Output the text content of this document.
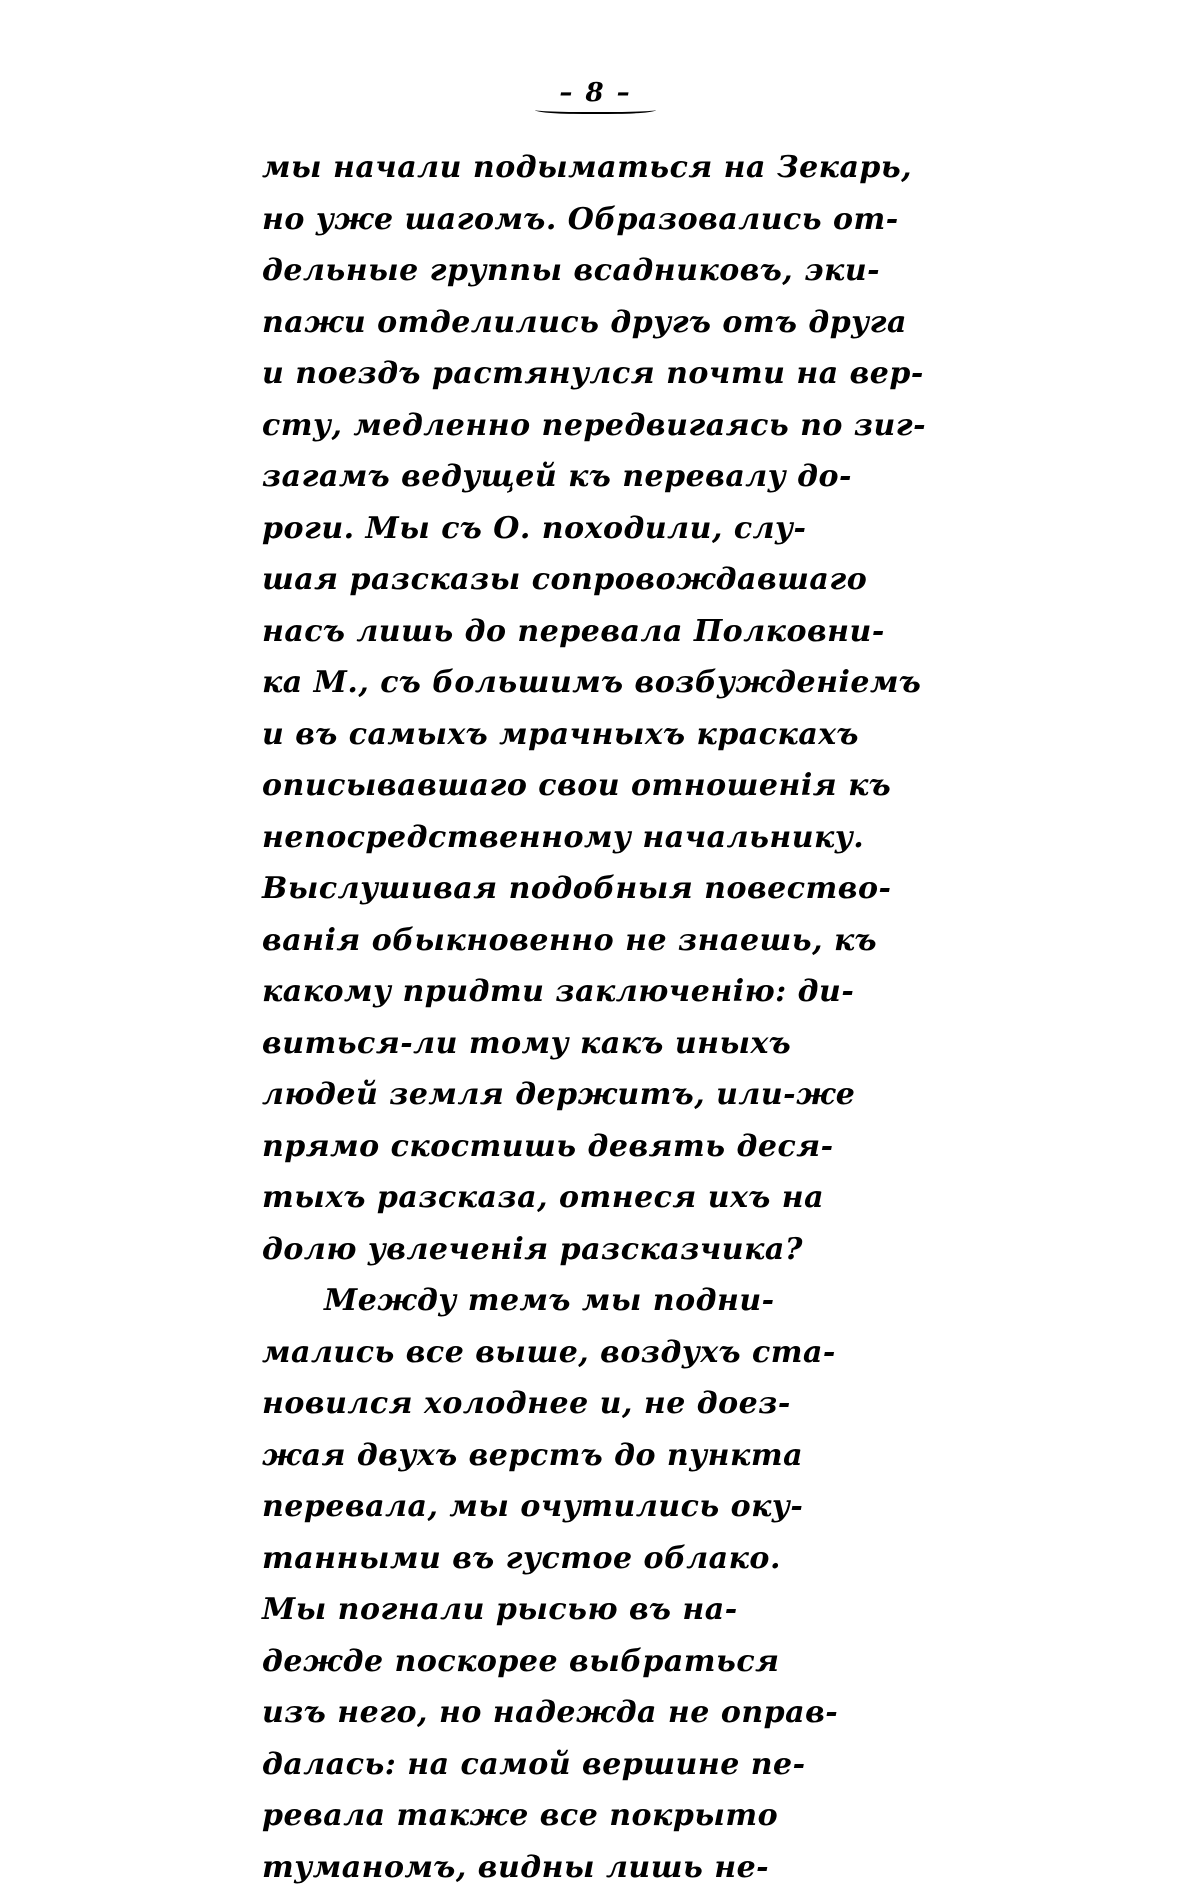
– 8 –
мы начали подыматься на Зекарь,
но уже шагомъ. Образовались от-
дельные группы всадниковъ, эки-
пажи отделились другъ отъ друга
и поездъ растянулся почти на вер-
сту, медленно передвигаясь по зиг-
загамъ ведущей къ перевалу до-
роги. Мы съ О. походили, слу-
шая разсказы сопровождавшаго
насъ лишь до перевала Полковни-
ка М., съ большимъ возбужденiемъ
и въ самыхъ мрачныхъ краскахъ
описывавшаго свои отношенiя къ
непосредственному начальнику.
Выслушивая подобныя повество-
ванiя обыкновенно не знаешь, къ
какому придти заключенiю: ди-
виться-ли тому какъ иныхъ
людей земля держитъ, или-же
прямо скостишь девять деся-
тыхъ разсказа, отнеся ихъ на
долю увлеченiя разсказчика?
Между темъ мы подни-
мались все выше, воздухъ ста-
новился холоднее и, не доез-
жая двухъ верстъ до пункта
перевала, мы очутились оку-
танными въ густое облако.
Мы погнали рысью въ на-
дежде поскорее выбраться
изъ него, но надежда не оправ-
далась: на самой вершине пе-
ревала также все покрыто
туманомъ, видны лишь не-
